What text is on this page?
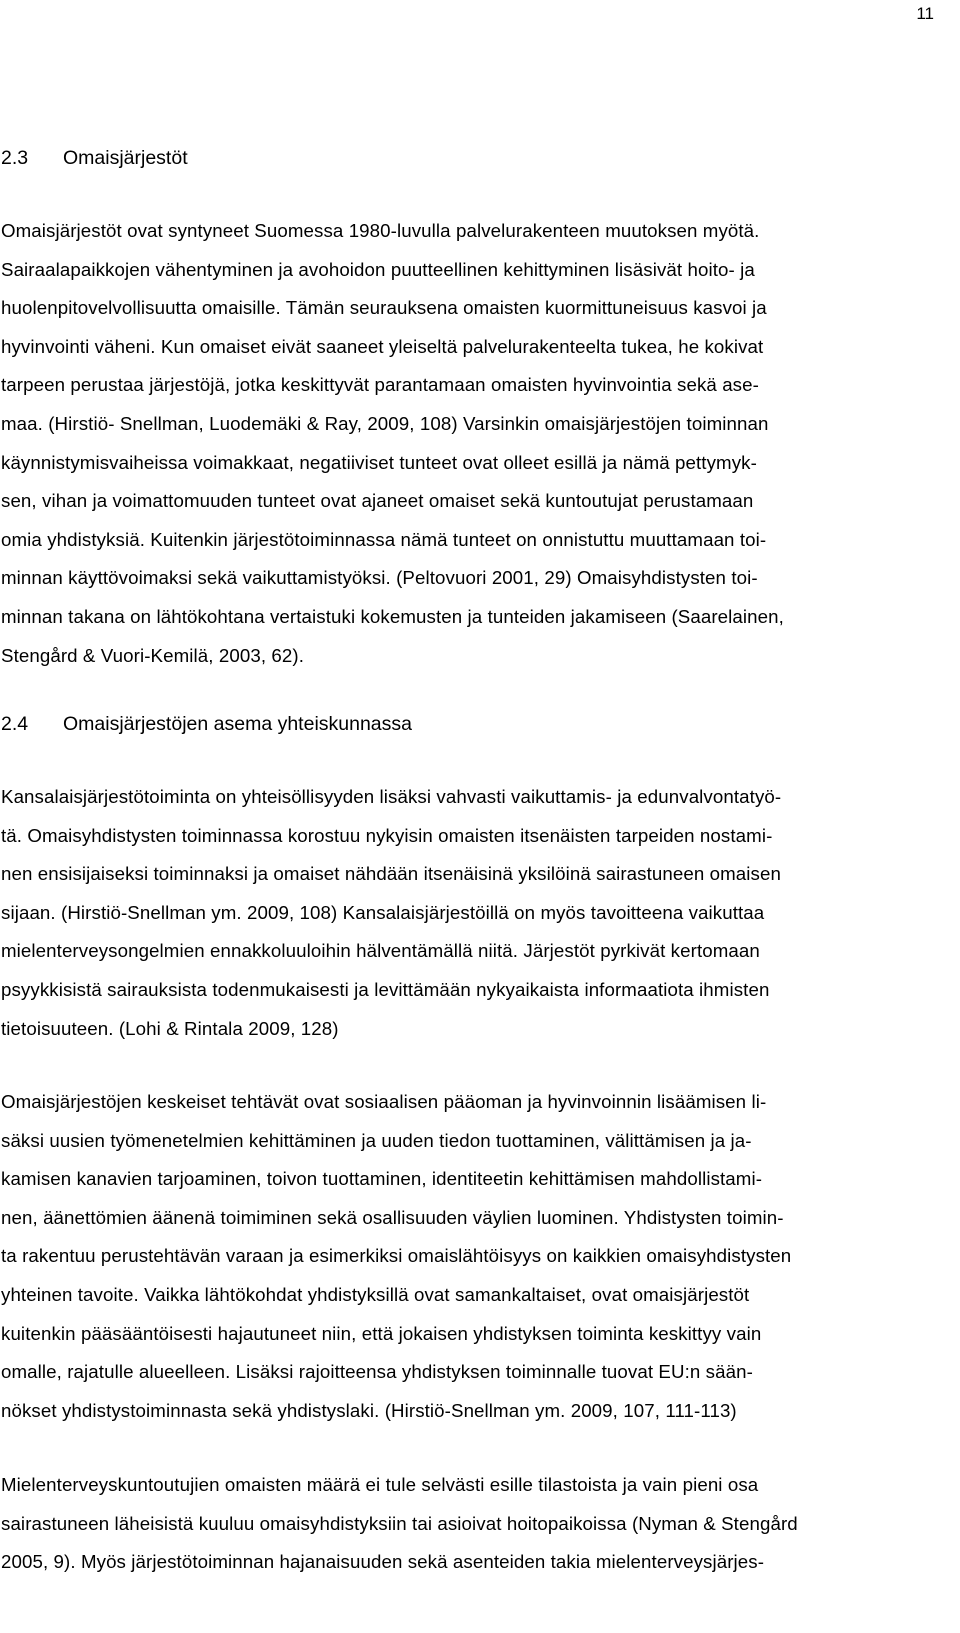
11
2.3 Omaisjärjestöt
Omaisjärjestöt ovat syntyneet Suomessa 1980-luvulla palvelurakenteen muutoksen myötä.
Sairaalapaikkojen vähentyminen ja avohoidon puutteellinen kehittyminen lisäsivät hoito- ja
huolenpitovelvollisuutta omaisille. Tämän seurauksena omaisten kuormittuneisuus kasvoi ja
hyvinvointi väheni. Kun omaiset eivät saaneet yleiseltä palvelurakenteelta tukea, he kokivat
tarpeen perustaa järjestöjä, jotka keskittyvät parantamaan omaisten hyvinvointia sekä ase-
maa. (Hirstiö- Snellman, Luodemäki & Ray, 2009, 108) Varsinkin omaisjärjestöjen toiminnan
käynnistymisvaiheissa voimakkaat, negatiiviset tunteet ovat olleet esillä ja nämä pettymyk-
sen, vihan ja voimattomuuden tunteet ovat ajaneet omaiset sekä kuntoutujat perustamaan
omia yhdistyksiä. Kuitenkin järjestötoiminnassa nämä tunteet on onnistuttu muuttamaan toi-
minnan käyttövoimaksi sekä vaikuttamistyöksi. (Peltovuori 2001, 29) Omaisyhdistysten toi-
minnan takana on lähtökohtana vertaistuki kokemusten ja tunteiden jakamiseen (Saarelainen,
Stengård & Vuori-Kemilä, 2003, 62).
2.4 Omaisjärjestöjen asema yhteiskunnassa
Kansalaisjärjestötoiminta on yhteisöllisyyden lisäksi vahvasti vaikuttamis- ja edunvalvontatyö-
tä. Omaisyhdistysten toiminnassa korostuu nykyisin omaisten itsenäisten tarpeiden nostami-
nen ensisijaiseksi toiminnaksi ja omaiset nähdään itsenäisinä yksilöinä sairastuneen omaisen
sijaan. (Hirstiö-Snellman ym. 2009, 108) Kansalaisjärjestöillä on myös tavoitteena vaikuttaa
mielenterveysongelmien ennakkoluuloihin hälventämällä niitä. Järjestöt pyrkivät kertomaan
psyykkisistä sairauksista todenmukaisesti ja levittämään nykyaikaista informaatiota ihmisten
tietoisuuteen. (Lohi & Rintala 2009, 128)
Omaisjärjestöjen keskeiset tehtävät ovat sosiaalisen pääoman ja hyvinvoinnin lisäämisen li-
säksi uusien työmenetelmien kehittäminen ja uuden tiedon tuottaminen, välittämisen ja ja-
kamisen kanavien tarjoaminen, toivon tuottaminen, identiteetin kehittämisen mahdollistami-
nen, äänettömien äänenä toimiminen sekä osallisuuden väylien luominen. Yhdistysten toimin-
ta rakentuu perustehtävän varaan ja esimerkiksi omaislähtöisyys on kaikkien omaisyhdistysten
yhteinen tavoite. Vaikka lähtökohdat yhdistyksillä ovat samankaltaiset, ovat omaisjärjestöt
kuitenkin pääsääntöisesti hajautuneet niin, että jokaisen yhdistyksen toiminta keskittyy vain
omalle, rajatulle alueelleen. Lisäksi rajoitteensa yhdistyksen toiminnalle tuovat EU:n sään-
nökset yhdistystoiminnasta sekä yhdistyslaki. (Hirstiö-Snellman ym. 2009, 107, 111-113)
Mielenterveyskuntoutujien omaisten määrä ei tule selvästi esille tilastoista ja vain pieni osa
sairastuneen läheisistä kuuluu omaisyhdistyksiin tai asioivat hoitopaikoissa (Nyman & Stengård
2005, 9). Myös järjestötoiminnan hajanaisuuden sekä asenteiden takia mielenterveysjärjes-
